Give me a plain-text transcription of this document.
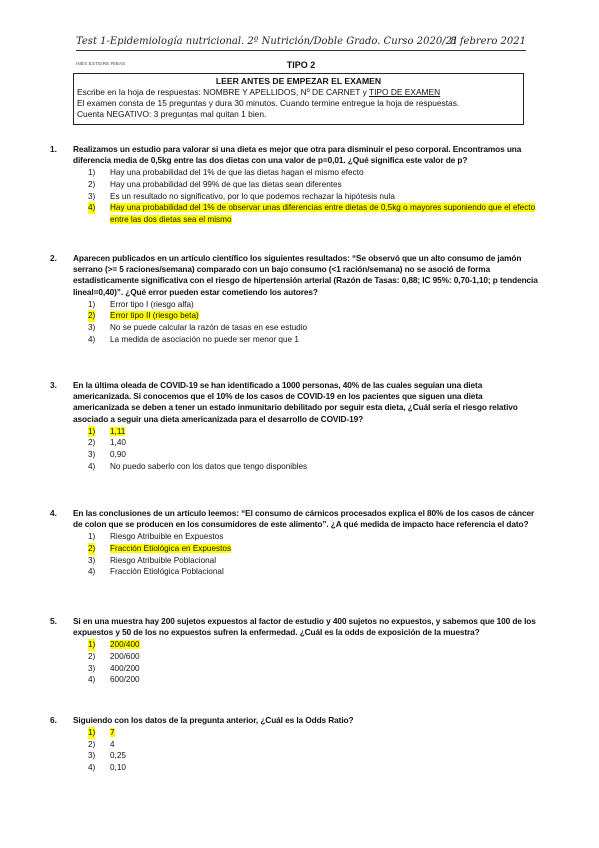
Test 1-Epidemiología nutricional. 2º Nutrición/Doble Grado. Curso 2020/21
8 febrero 2021
INÉS ESTEIRE RIBAS	TIPO 2
LEER ANTES DE EMPEZAR EL EXAMEN
Escribe en la hoja de respuestas: NOMBRE Y APELLIDOS, Nº DE CARNET y TIPO DE EXAMEN
El examen consta de 15 preguntas y dura 30 minutos. Cuando termine entregue la hoja de respuestas.
Cuenta NEGATIVO: 3 preguntas mal quitan 1 bien.
1. Realizamos un estudio para valorar si una dieta es mejor que otra para disminuir el peso corporal. Encontramos una diferencia media de 0,5kg entre las dos dietas con una valor de p=0,01. ¿Qué significa este valor de p?
1) Hay una probabilidad del 1% de que las dietas hagan el mismo efecto
2) Hay una probabilidad del 99% de que las dietas sean diferentes
3) Es un resultado no significativo, por lo que podemos rechazar la hipótesis nula
4) Hay una probabilidad del 1% de observar unas diferencias entre dietas de 0,5kg o mayores suponiendo que el efecto entre las dos dietas sea el mismo
2. Aparecen publicados en un artículo científico los siguientes resultados: “Se observó que un alto consumo de jamón serrano (>= 5 raciones/semana) comparado con un bajo consumo (<1 ración/semana) no se asoció de forma estadísticamente significativa con el riesgo de hipertensión arterial (Razón de Tasas: 0,88; IC 95%: 0,70-1,10; p tendencia lineal=0,40)”. ¿Qué error pueden estar cometiendo los autores?
1) Error tipo I (riesgo alfa)
2) Error tipo II (riesgo beta)
3) No se puede calcular la razón de tasas en ese estudio
4) La medida de asociación no puede ser menor que 1
3. En la última oleada de COVID-19 se han identificado a 1000 personas, 40% de las cuales seguían una dieta americanizada. Si conocemos que el 10% de los casos de COVID-19 en los pacientes que siguen una dieta americanizada se deben a tener un estado inmunitario debilitado por seguir esta dieta, ¿Cuál sería el riesgo relativo asociado a seguir una dieta americanizada para el desarrollo de COVID-19?
1) 1,11
2) 1,40
3) 0,90
4) No puedo saberlo con los datos que tengo disponibles
4. En las conclusiones de un artículo leemos: “El consumo de cárnicos procesados explica el 80% de los casos de cáncer de colon que se producen en los consumidores de este alimento”. ¿A qué medida de impacto hace referencia el dato?
1) Riesgo Atribuible en Expuestos
2) Fracción Etiológica en Expuestos
3) Riesgo Atribuible Poblacional
4) Fracción Etiológica Poblacional
5. Si en una muestra hay 200 sujetos expuestos al factor de estudio y 400 sujetos no expuestos, y sabemos que 100 de los expuestos y 50 de los no expuestos sufren la enfermedad. ¿Cuál es la odds de exposición de la muestra?
1) 200/400
2) 200/600
3) 400/200
4) 600/200
6. Siguiendo con los datos de la pregunta anterior, ¿Cuál es la Odds Ratio?
1) 7
2) 4
3) 0,25
4) 0,10
